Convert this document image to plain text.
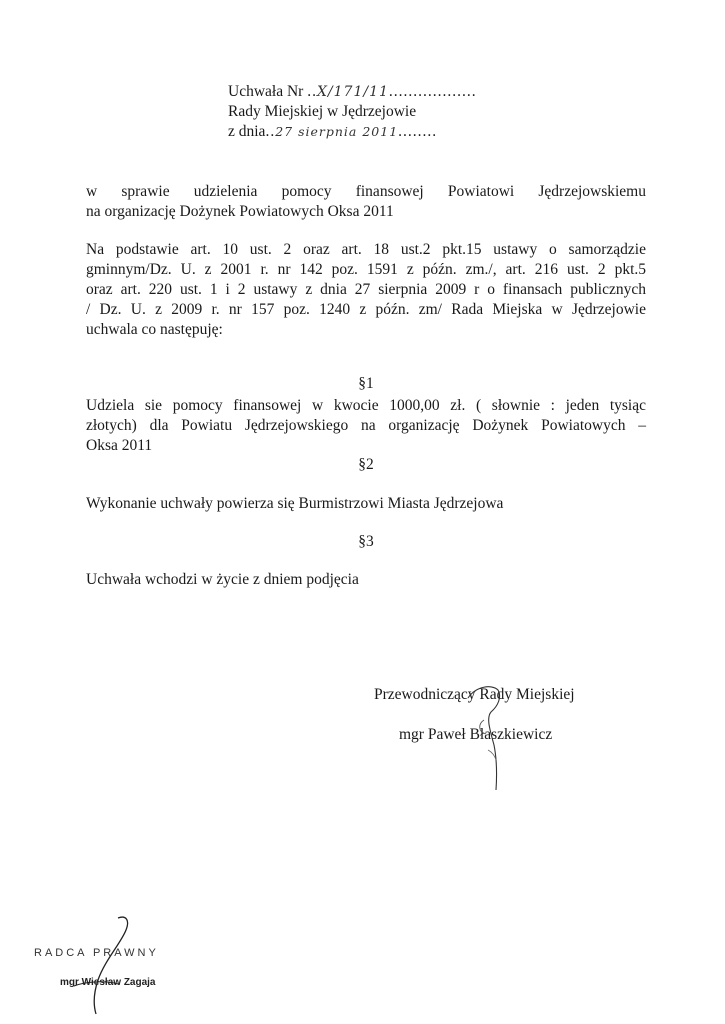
Uchwała Nr ..X/171/11..................
Rady Miejskiej w Jędrzejowie
z dnia..27 sierpnia 2011........
w sprawie udzielenia pomocy finansowej Powiatowi Jędrzejowskiemu
na organizację Dożynek Powiatowych Oksa 2011
Na podstawie art. 10 ust. 2 oraz art. 18 ust.2 pkt.15 ustawy o samorządzie
gminnym/Dz. U. z 2001 r. nr 142 poz. 1591 z późn. zm./, art. 216 ust. 2 pkt.5
oraz art. 220 ust. 1 i 2 ustawy z dnia 27 sierpnia 2009 r o finansach publicznych
/ Dz. U. z 2009 r. nr 157 poz. 1240 z późn. zm/ Rada Miejska w Jędrzejowie
uchwala co następuję:
§1
Udziela sie pomocy finansowej w kwocie 1000,00 zł. ( słownie : jeden tysiąc
złotych) dla Powiatu Jędrzejowskiego na organizację Dożynek Powiatowych –
Oksa 2011
§2
Wykonanie uchwały powierza się Burmistrzowi Miasta Jędrzejowa
§3
Uchwała wchodzi w życie z dniem podjęcia
Przewodniczący Rady Miejskiej
mgr Paweł Błaszkiewicz
RADCA PRAWNY
mgr Wiesław Zagaja
